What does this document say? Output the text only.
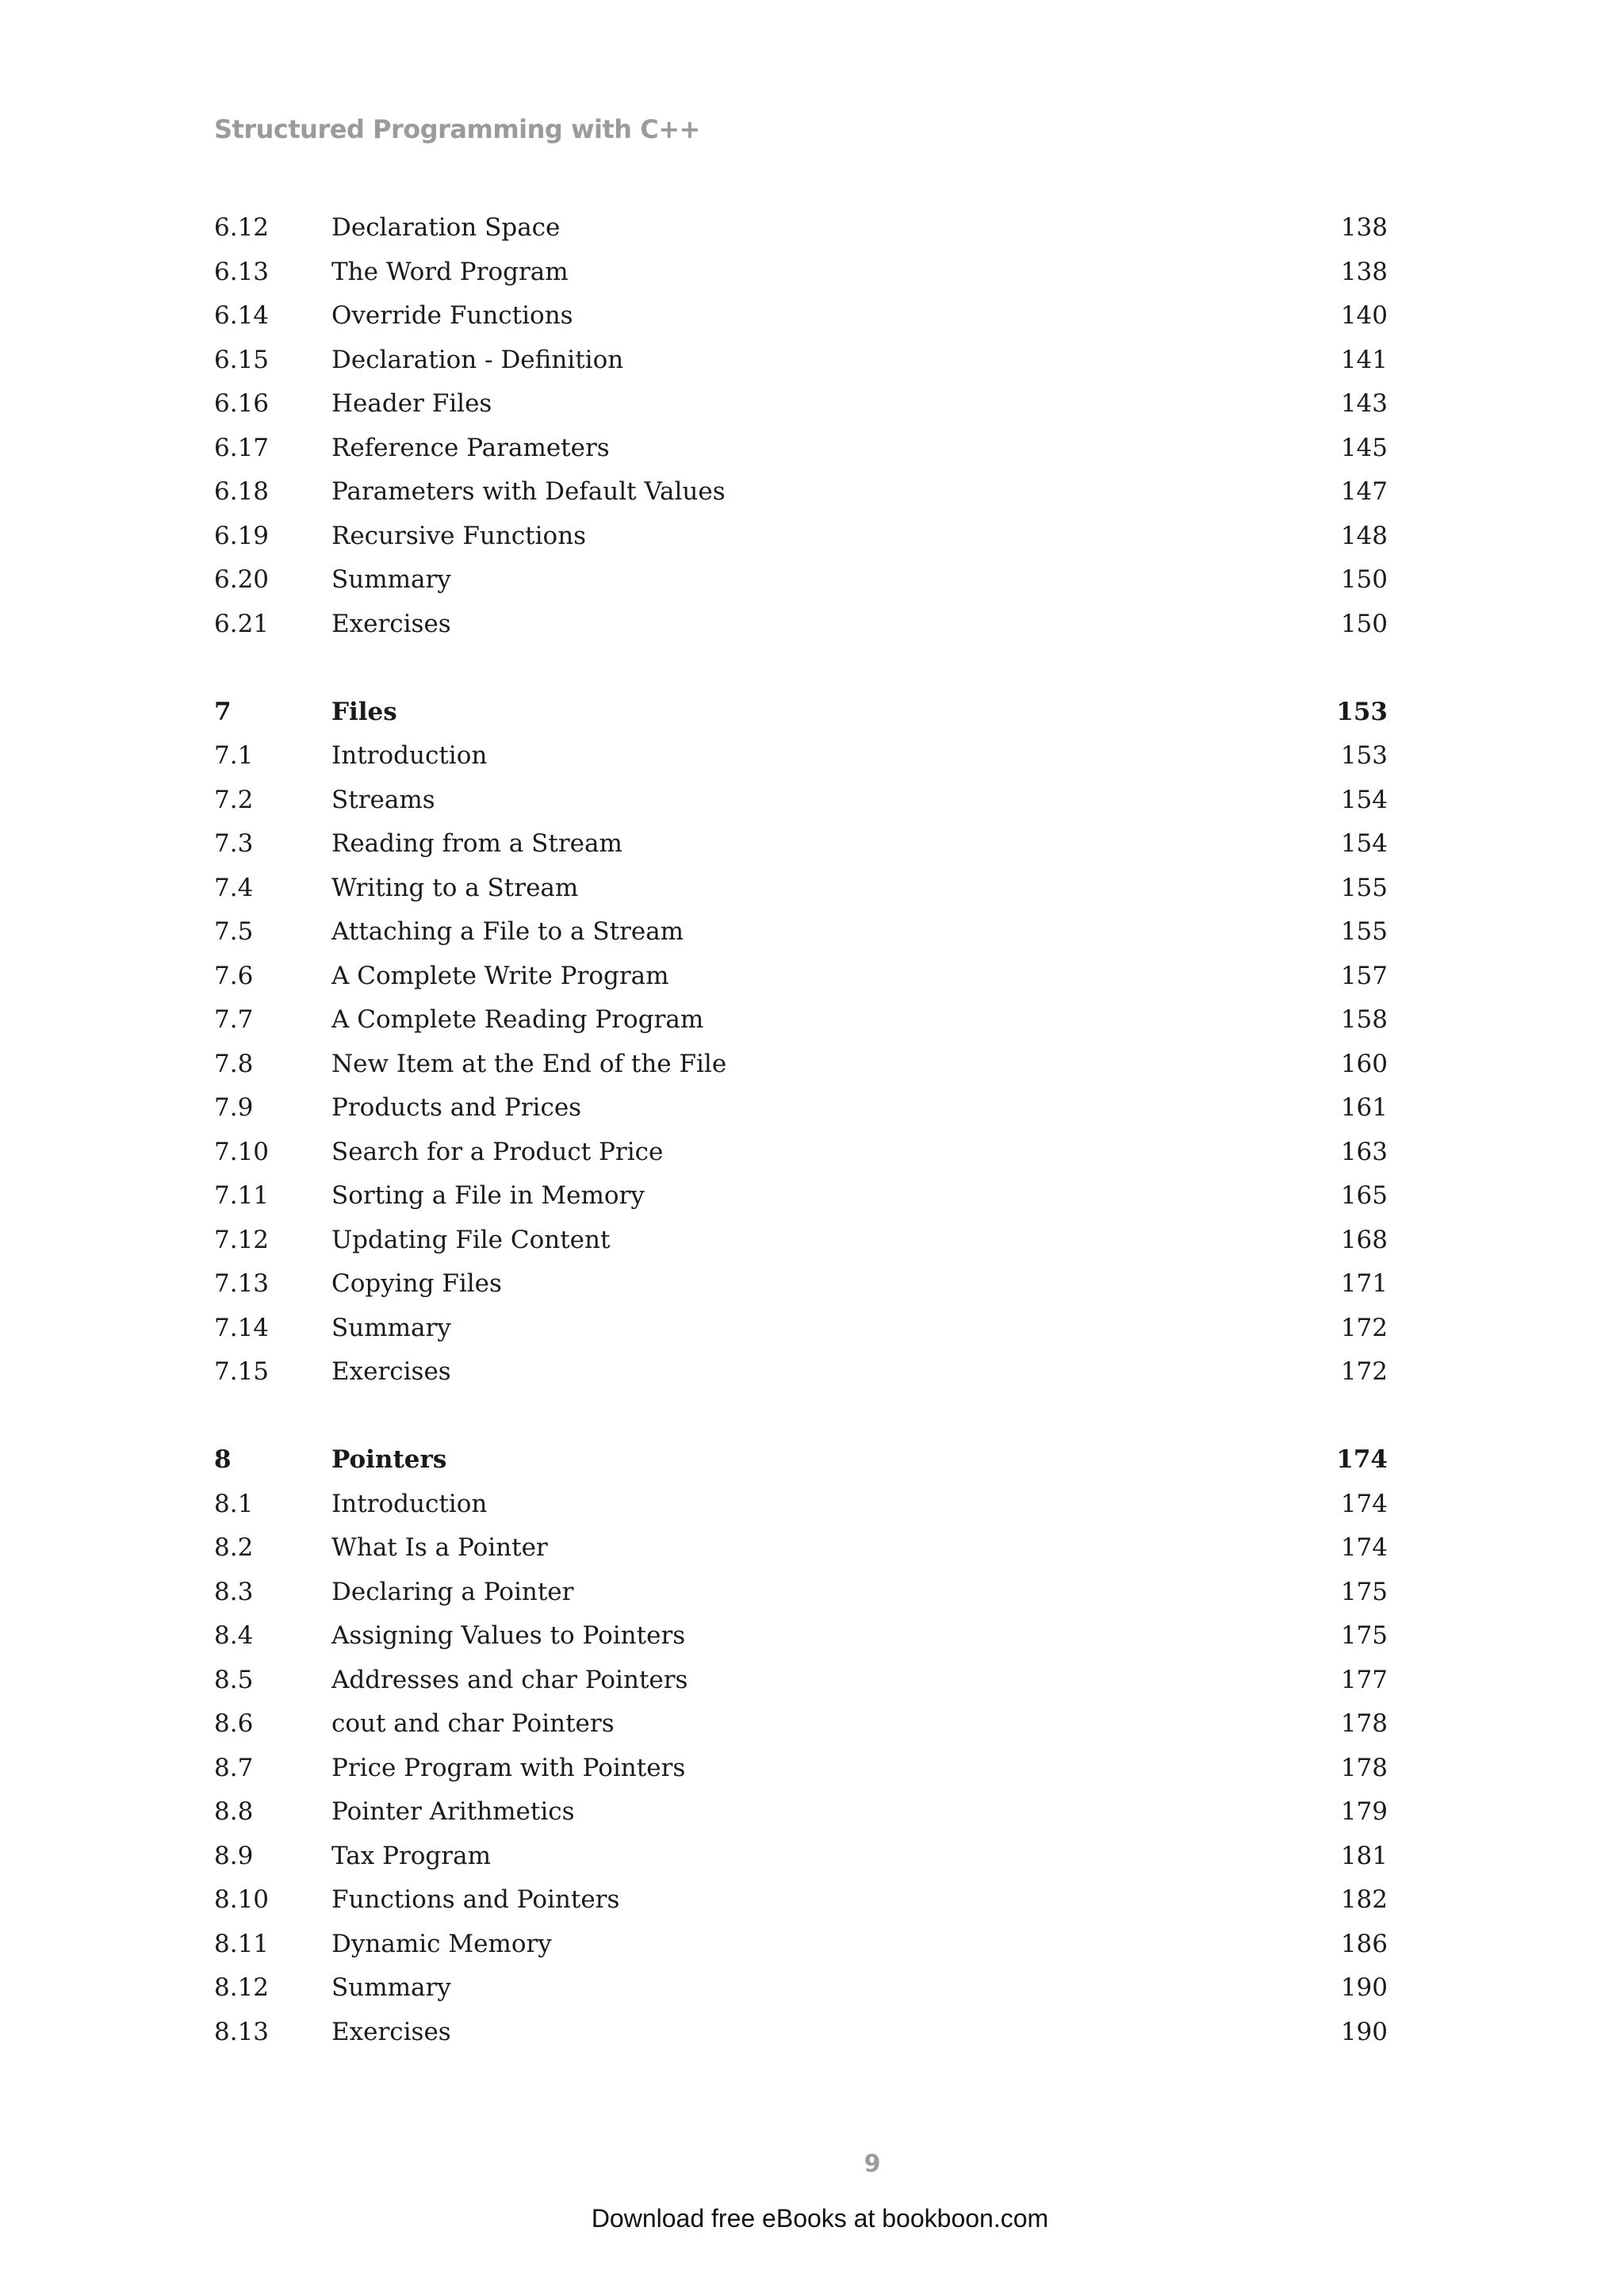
Structured Programming with C++
6.12	Declaration Space	138
6.13	The Word Program	138
6.14	Override Functions	140
6.15	Declaration - Definition	141
6.16	Header Files	143
6.17	Reference Parameters	145
6.18	Parameters with Default Values	147
6.19	Recursive Functions	148
6.20	Summary	150
6.21	Exercises	150
7	Files	153
7.1	Introduction	153
7.2	Streams	154
7.3	Reading from a Stream	154
7.4	Writing to a Stream	155
7.5	Attaching a File to a Stream	155
7.6	A Complete Write Program	157
7.7	A Complete Reading Program	158
7.8	New Item at the End of the File	160
7.9	Products and Prices	161
7.10	Search for a Product Price	163
7.11	Sorting a File in Memory	165
7.12	Updating File Content	168
7.13	Copying Files	171
7.14	Summary	172
7.15	Exercises	172
8	Pointers	174
8.1	Introduction	174
8.2	What Is a Pointer	174
8.3	Declaring a Pointer	175
8.4	Assigning Values to Pointers	175
8.5	Addresses and char Pointers	177
8.6	cout and char Pointers	178
8.7	Price Program with Pointers	178
8.8	Pointer Arithmetics	179
8.9	Tax Program	181
8.10	Functions and Pointers	182
8.11	Dynamic Memory	186
8.12	Summary	190
8.13	Exercises	190
9
Download free eBooks at bookboon.com
